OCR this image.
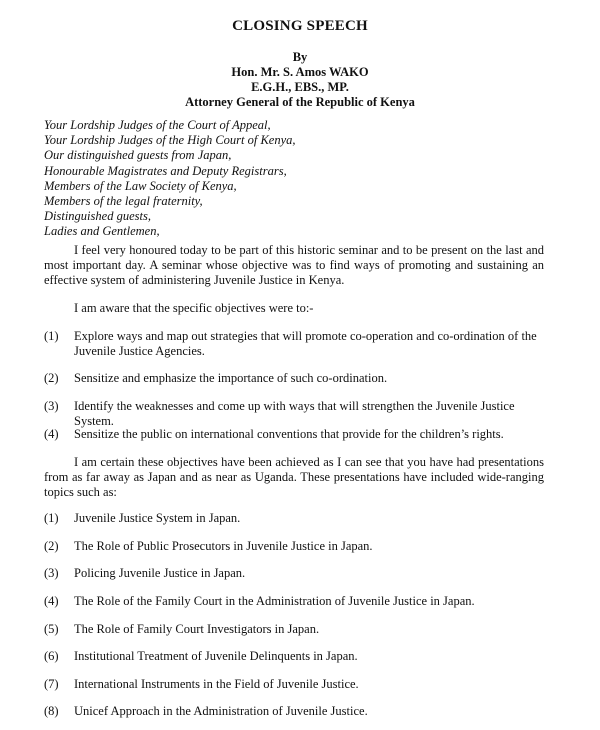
CLOSING SPEECH
By
Hon. Mr. S. Amos WAKO
E.G.H., EBS., MP.
Attorney General of the Republic of Kenya
Your Lordship Judges of the Court of Appeal,
Your Lordship Judges of the High Court of Kenya,
Our distinguished guests from Japan,
Honourable Magistrates and Deputy Registrars,
Members of the Law Society of Kenya,
Members of the legal fraternity,
Distinguished guests,
Ladies and Gentlemen,
I feel very honoured today to be part of this historic seminar and to be present on the last and most important day. A seminar whose objective was to find ways of promoting and sustaining an effective system of administering Juvenile Justice in Kenya.
I am aware that the specific objectives were to:-
(1) Explore ways and map out strategies that will promote co-operation and co-ordination of the Juvenile Justice Agencies.
(2) Sensitize and emphasize the importance of such co-ordination.
(3) Identify the weaknesses and come up with ways that will strengthen the Juvenile Justice System.
(4) Sensitize the public on international conventions that provide for the children’s rights.
I am certain these objectives have been achieved as I can see that you have had presentations from as far away as Japan and as near as Uganda. These presentations have included wide-ranging topics such as:
(1) Juvenile Justice System in Japan.
(2) The Role of Public Prosecutors in Juvenile Justice in Japan.
(3) Policing Juvenile Justice in Japan.
(4) The Role of the Family Court in the Administration of Juvenile Justice in Japan.
(5) The Role of Family Court Investigators in Japan.
(6) Institutional Treatment of Juvenile Delinquents in Japan.
(7) International Instruments in the Field of Juvenile Justice.
(8) Unicef Approach in the Administration of Juvenile Justice.
